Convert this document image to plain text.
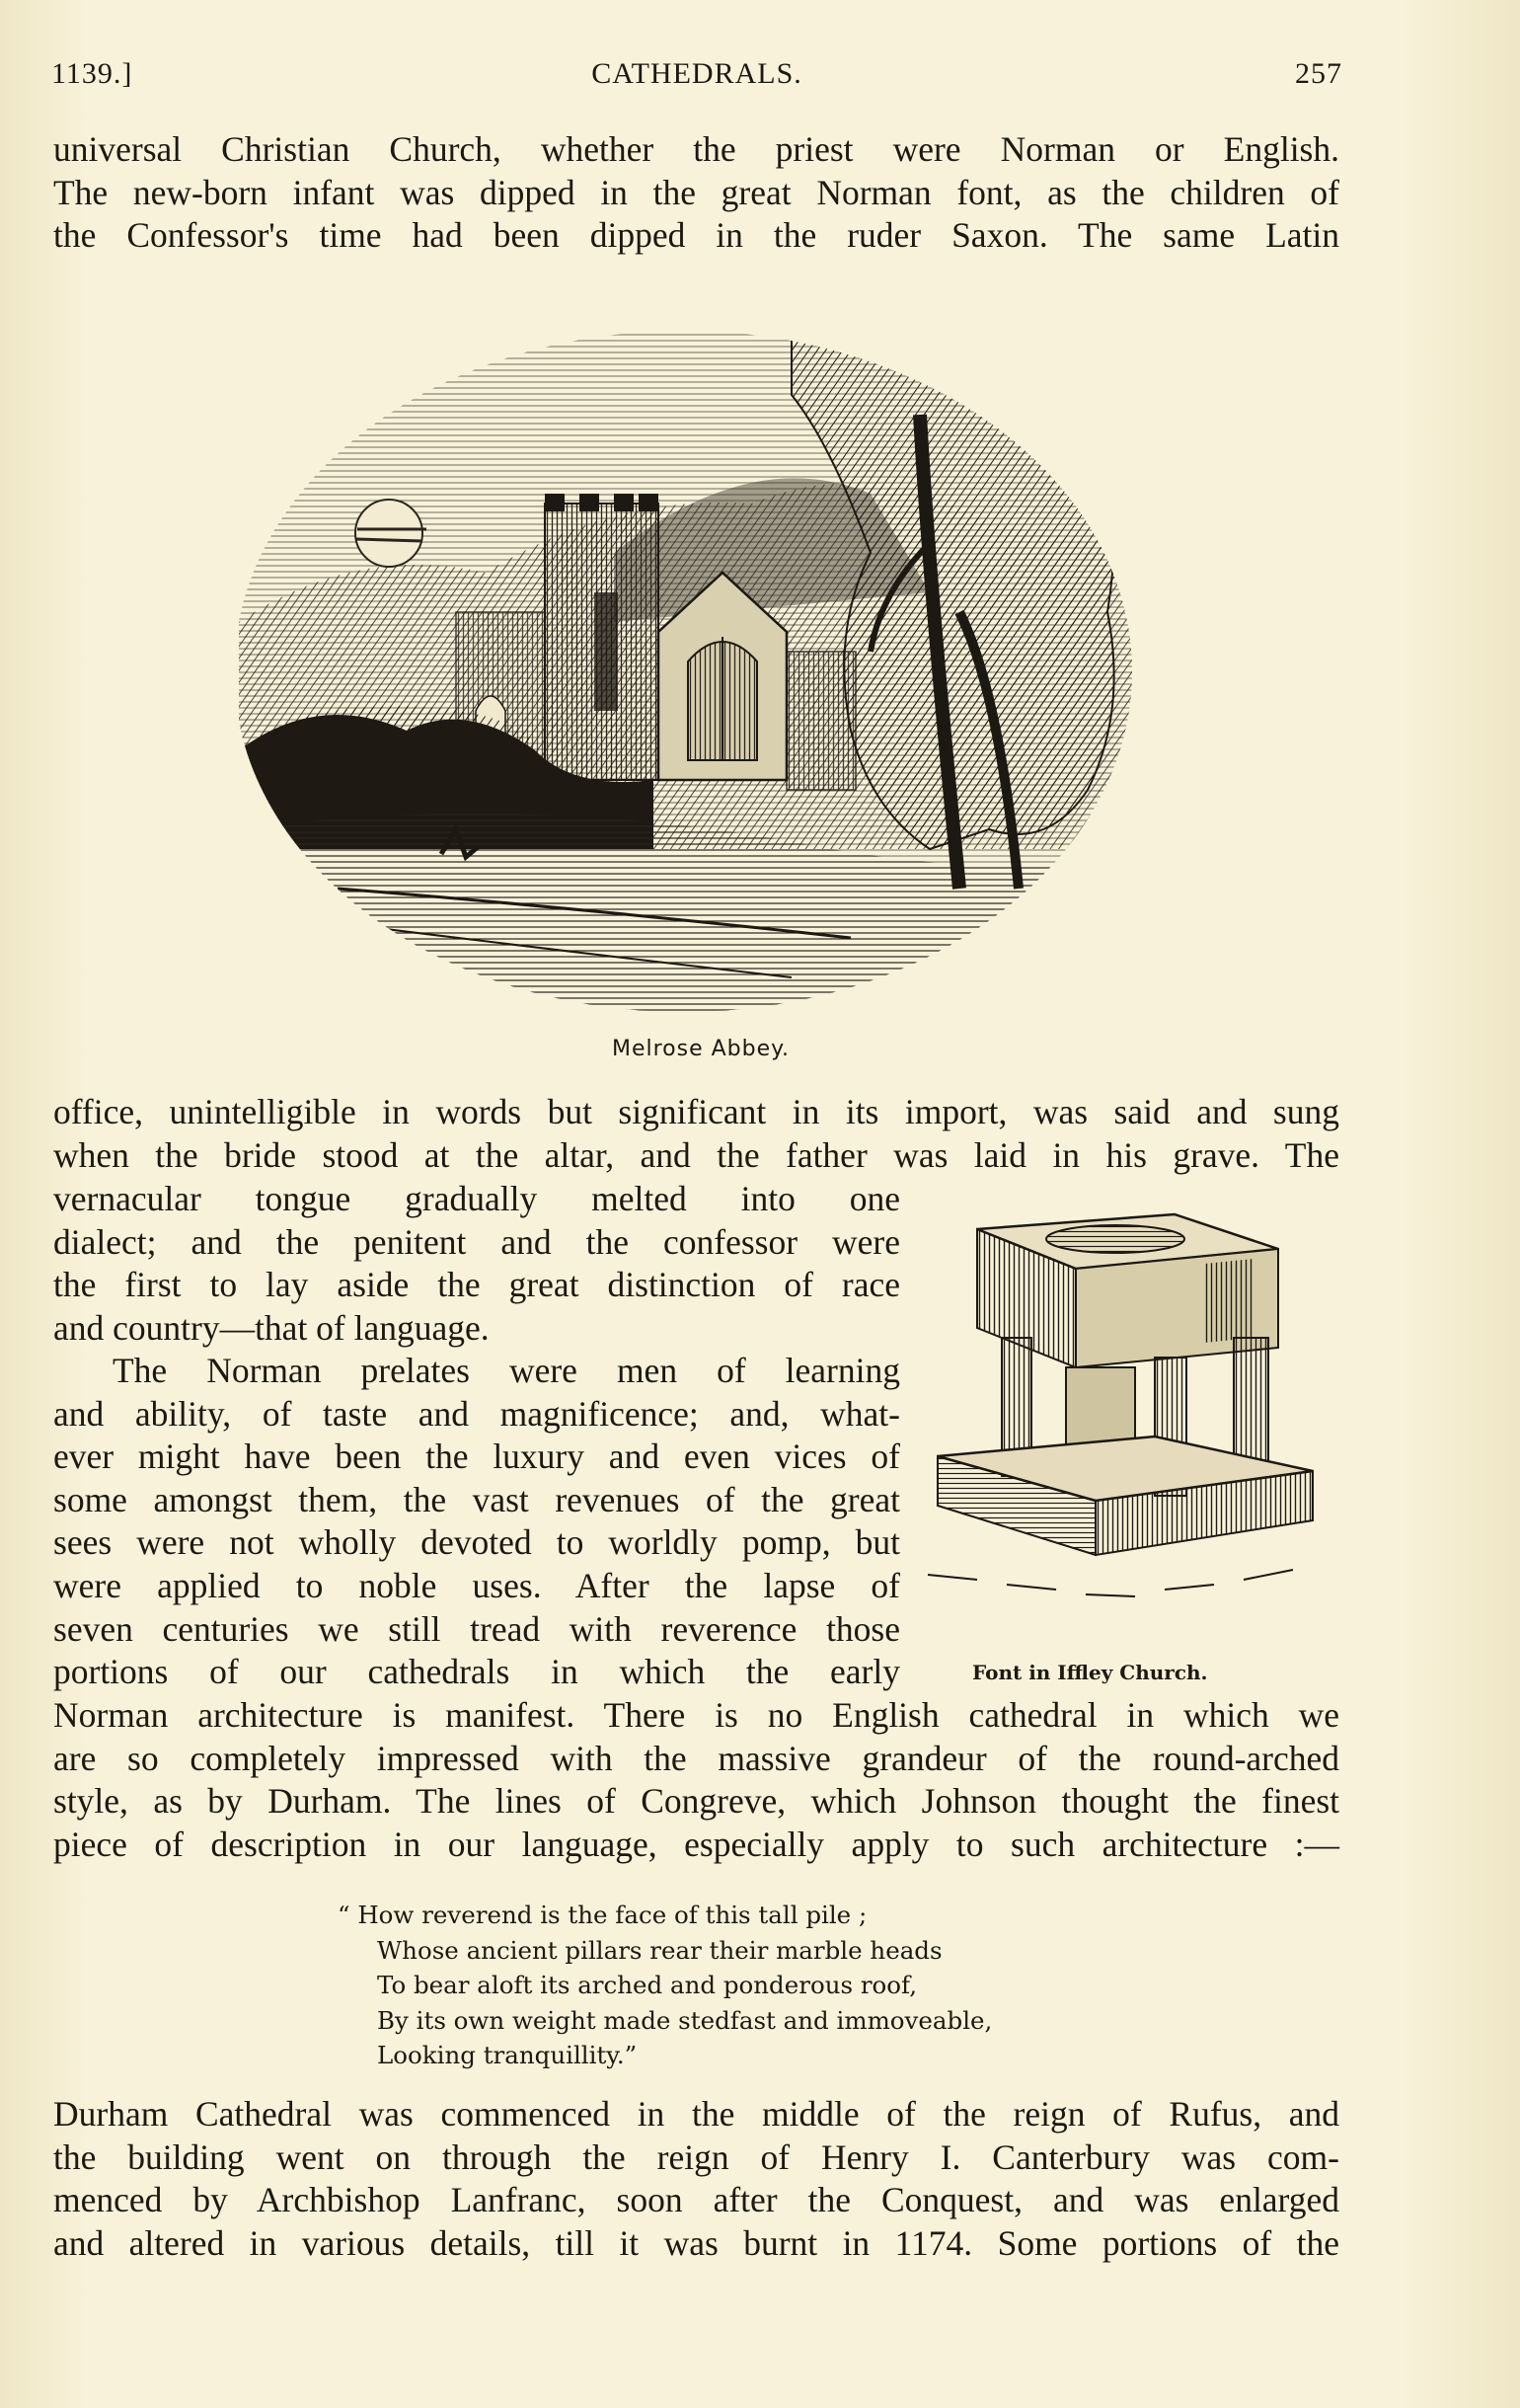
1139.]	CATHEDRALS.	257
universal Christian Church, whether the priest were Norman or English.
The new-born infant was dipped in the great Norman font, as the children of
the Confessor's time had been dipped in the ruder Saxon. The same Latin
Melrose Abbey.
office, unintelligible in words but significant in its import, was said and sung
when the bride stood at the altar, and the father was laid in his grave. The
vernacular tongue gradually melted into one
dialect; and the penitent and the confessor were
the first to lay aside the great distinction of race
and country—that of language.
The Norman prelates were men of learning
and ability, of taste and magnificence; and, what-
ever might have been the luxury and even vices of
some amongst them, the vast revenues of the great
sees were not wholly devoted to worldly pomp, but
were applied to noble uses. After the lapse of
seven centuries we still tread with reverence those
portions of our cathedrals in which the early	Font in Iffley Church.
Norman architecture is manifest. There is no English cathedral in which we
are so completely impressed with the massive grandeur of the round-arched
style, as by Durham. The lines of Congreve, which Johnson thought the finest
piece of description in our language, especially apply to such architecture :—
“ How reverend is the face of this tall pile ;
Whose ancient pillars rear their marble heads
To bear aloft its arched and ponderous roof,
By its own weight made stedfast and immoveable,
Looking tranquillity.”
Durham Cathedral was commenced in the middle of the reign of Rufus, and
the building went on through the reign of Henry I. Canterbury was com-
menced by Archbishop Lanfranc, soon after the Conquest, and was enlarged
and altered in various details, till it was burnt in 1174. Some portions of the
